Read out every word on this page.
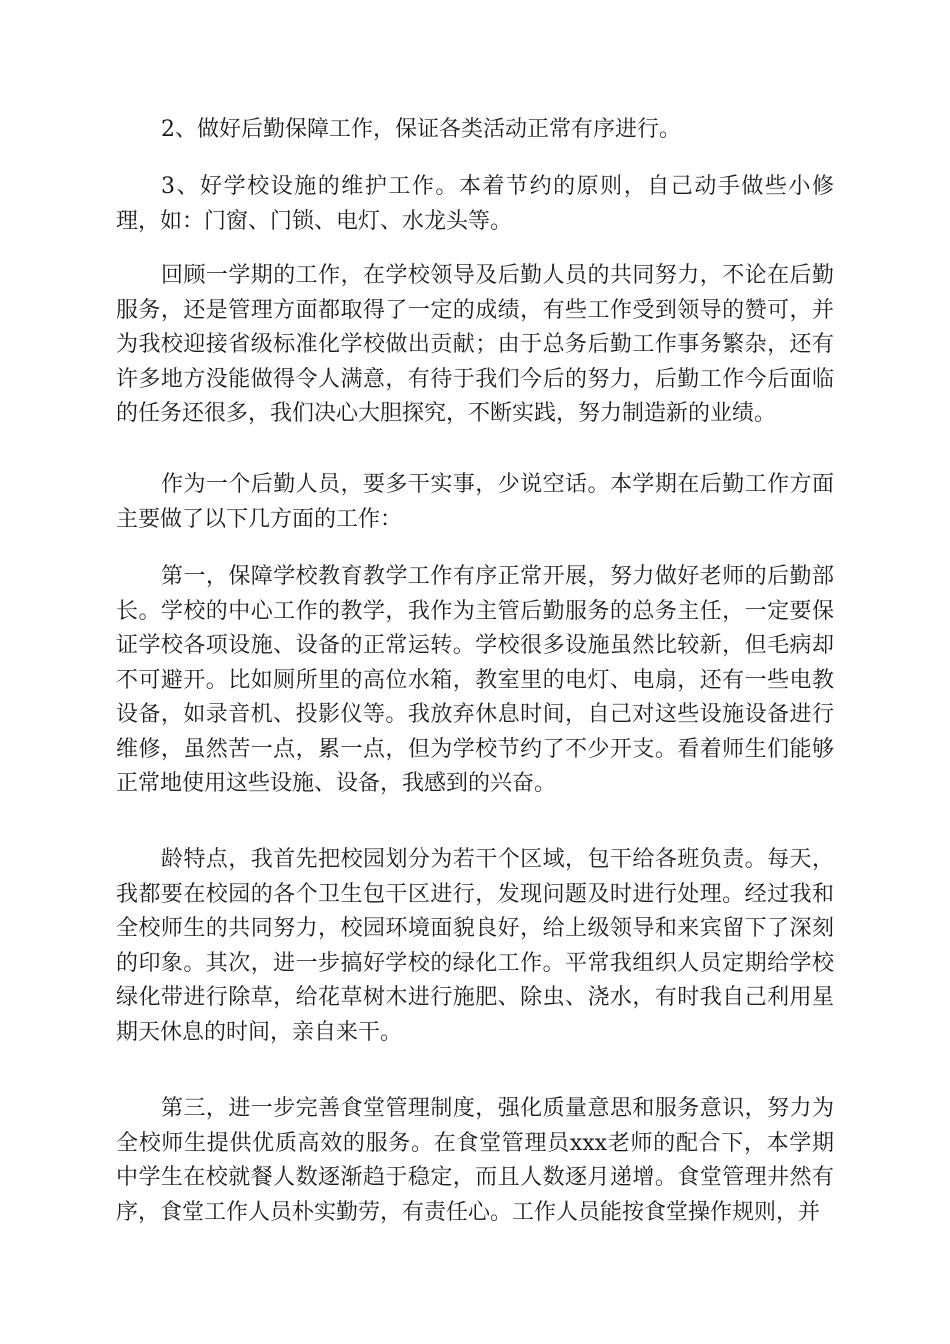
2、做好后勤保障工作，保证各类活动正常有序进行。

3、好学校设施的维护工作。本着节约的原则，自己动手做些小修理，如：门窗、门锁、电灯、水龙头等。

回顾一学期的工作，在学校领导及后勤人员的共同努力，不论在后勤服务，还是管理方面都取得了一定的成绩，有些工作受到领导的赞可，并为我校迎接省级标准化学校做出贡献；由于总务后勤工作事务繁杂，还有许多地方没能做得令人满意，有待于我们今后的努力，后勤工作今后面临的任务还很多，我们决心大胆探究，不断实践，努力制造新的业绩。

作为一个后勤人员，要多干实事，少说空话。本学期在后勤工作方面主要做了以下几方面的工作：

第一，保障学校教育教学工作有序正常开展，努力做好老师的后勤部长。学校的中心工作的教学，我作为主管后勤服务的总务主任，一定要保证学校各项设施、设备的正常运转。学校很多设施虽然比较新，但毛病却不可避开。比如厕所里的高位水箱，教室里的电灯、电扇，还有一些电教设备，如录音机、投影仪等。我放弃休息时间，自己对这些设施设备进行维修，虽然苦一点，累一点，但为学校节约了不少开支。看着师生们能够正常地使用这些设施、设备，我感到的兴奋。

龄特点，我首先把校园划分为若干个区域，包干给各班负责。每天，我都要在校园的各个卫生包干区进行，发现问题及时进行处理。经过我和全校师生的共同努力，校园环境面貌良好，给上级领导和来宾留下了深刻的印象。其次，进一步搞好学校的绿化工作。平常我组织人员定期给学校绿化带进行除草，给花草树木进行施肥、除虫、浇水，有时我自己利用星期天休息的时间，亲自来干。

第三，进一步完善食堂管理制度，强化质量意思和服务意识，努力为全校师生提供优质高效的服务。在食堂管理员xxx老师的配合下，本学期中学生在校就餐人数逐渐趋于稳定，而且人数逐月递增。食堂管理井然有序，食堂工作人员朴实勤劳，有责任心。工作人员能按食堂操作规则，并
